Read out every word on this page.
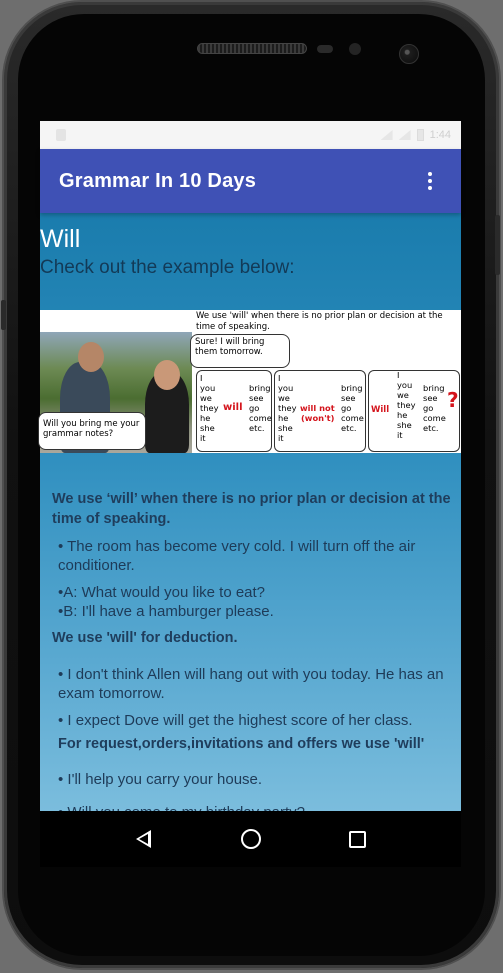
1:44
Grammar In 10 Days
Will
Check out the example below:
We use 'will' when there is no prior plan or decision at the time of speaking.
Sure! I will bring them tomorrow.
Will you bring me your grammar notes?
I
you
we
they
he
she
it
will
bring
see
go
come
etc.
I
you
we
they
he
she
it
will not
(won't)
bring
see
go
come
etc.
Will
I
you
we
they
he
she
it
bring
see
go
come
etc.
?
We use ‘will’ when there is no prior plan or decision at the time of speaking.
• The room has become very cold. I will turn off the air conditioner.
•A: What would you like to eat?
•B: I'll have a hamburger please.
We use 'will' for deduction.
• I don't think Allen will hang out with you today. He has an exam tomorrow.
• I expect Dove will get the highest score of her class.
For request,orders,invitations and offers we use 'will'
• I'll help you carry your house.
